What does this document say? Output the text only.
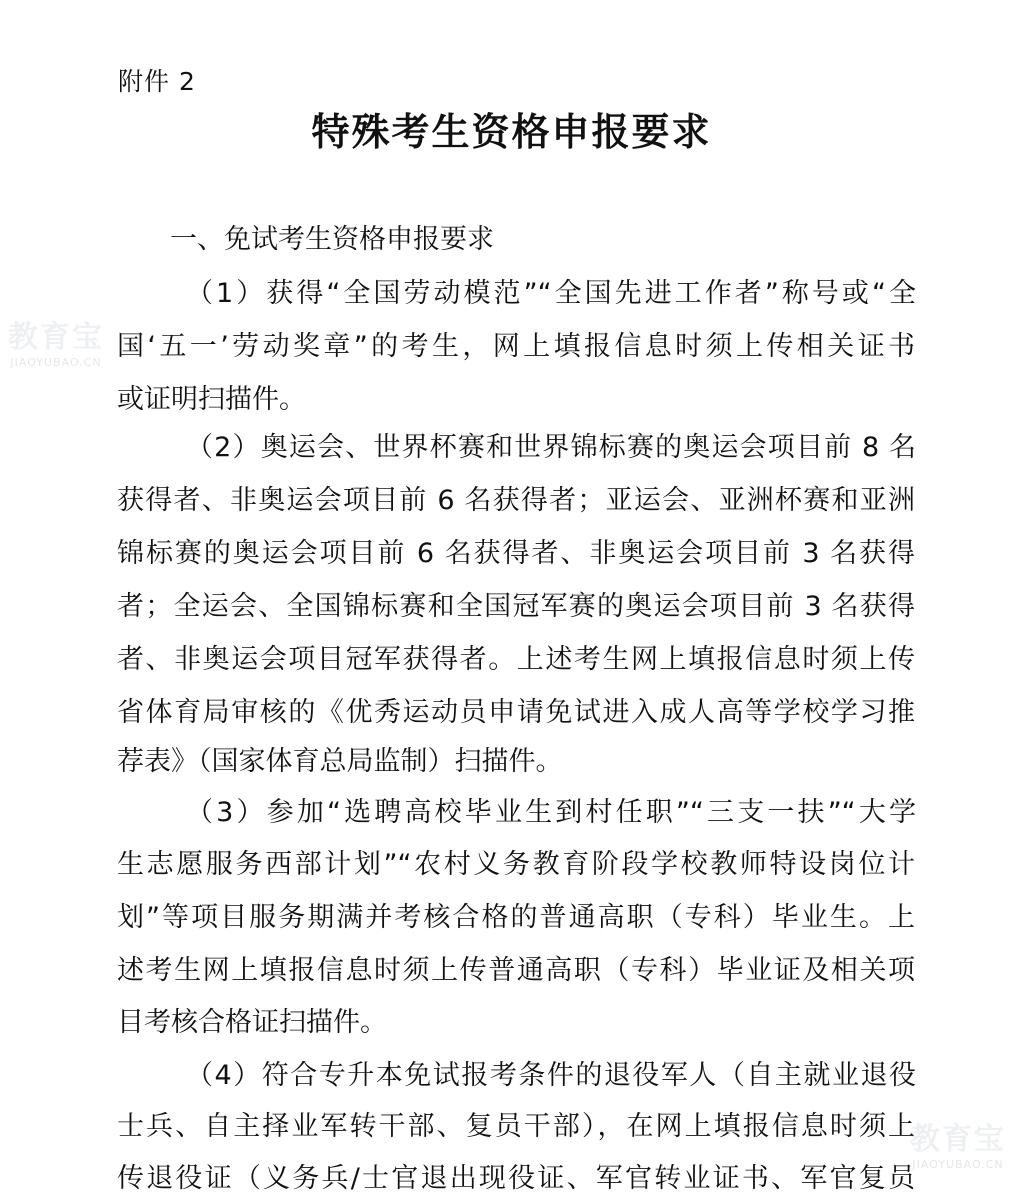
附件 2
特殊考生资格申报要求
一、免试考生资格申报要求
（1）获得“全国劳动模范”“全国先进工作者”称号或“全
国‘五一’劳动奖章”的考生，网上填报信息时须上传相关证书
或证明扫描件。
（2）奥运会、世界杯赛和世界锦标赛的奥运会项目前 8 名
获得者、非奥运会项目前 6 名获得者；亚运会、亚洲杯赛和亚洲
锦标赛的奥运会项目前 6 名获得者、非奥运会项目前 3 名获得
者；全运会、全国锦标赛和全国冠军赛的奥运会项目前 3 名获得
者、非奥运会项目冠军获得者。上述考生网上填报信息时须上传
省体育局审核的《优秀运动员申请免试进入成人高等学校学习推
荐表》（国家体育总局监制）扫描件。
（3）参加“选聘高校毕业生到村任职”“三支一扶”“大学
生志愿服务西部计划”“农村义务教育阶段学校教师特设岗位计
划”等项目服务期满并考核合格的普通高职（专科）毕业生。上
述考生网上填报信息时须上传普通高职（专科）毕业证及相关项
目考核合格证扫描件。
（4）符合专升本免试报考条件的退役军人（自主就业退役
士兵、自主择业军转干部、复员干部），在网上填报信息时须上
传退役证（义务兵/士官退出现役证、军官转业证书、军官复员
教育宝
JIAOYUBAO.CN
教育宝
JIAOYUBAO.CN
